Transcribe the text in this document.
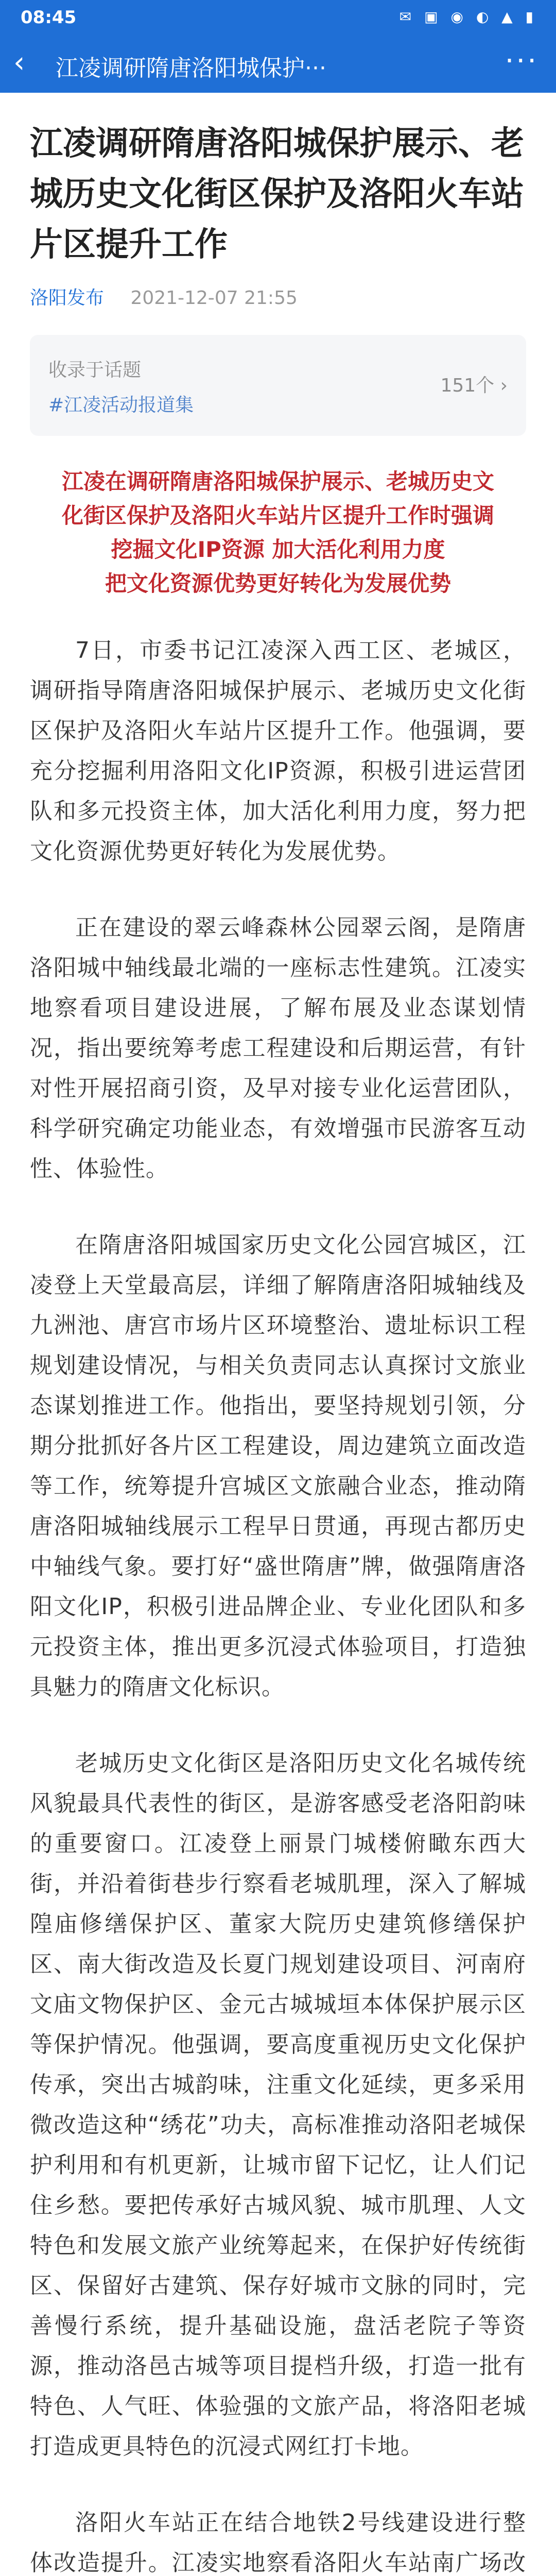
08:45	✉ ▣ ◉ ◐ ▲ ▮
‹ 江凌调研隋唐洛阳城保护···	···
江凌调研隋唐洛阳城保护展示、老城历史文化街区保护及洛阳火车站片区提升工作
洛阳发布 2021-12-07 21:55
收录于话题
#江凌活动报道集
151个 ›
江凌在调研隋唐洛阳城保护展示、老城历史文
化街区保护及洛阳火车站片区提升工作时强调
挖掘文化IP资源 加大活化利用力度
把文化资源优势更好转化为发展优势

7日，市委书记江凌深入西工区、老城区，调研指导隋唐洛阳城保护展示、老城历史文化街区保护及洛阳火车站片区提升工作。他强调，要充分挖掘利用洛阳文化IP资源，积极引进运营团队和多元投资主体，加大活化利用力度，努力把文化资源优势更好转化为发展优势。

正在建设的翠云峰森林公园翠云阁，是隋唐洛阳城中轴线最北端的一座标志性建筑。江凌实地察看项目建设进展，了解布展及业态谋划情况，指出要统筹考虑工程建设和后期运营，有针对性开展招商引资，及早对接专业化运营团队，科学研究确定功能业态，有效增强市民游客互动性、体验性。

在隋唐洛阳城国家历史文化公园宫城区，江凌登上天堂最高层，详细了解隋唐洛阳城轴线及九洲池、唐宫市场片区环境整治、遗址标识工程规划建设情况，与相关负责同志认真探讨文旅业态谋划推进工作。他指出，要坚持规划引领，分期分批抓好各片区工程建设，周边建筑立面改造等工作，统筹提升宫城区文旅融合业态，推动隋唐洛阳城轴线展示工程早日贯通，再现古都历史中轴线气象。要打好“盛世隋唐”牌，做强隋唐洛阳文化IP，积极引进品牌企业、专业化团队和多元投资主体，推出更多沉浸式体验项目，打造独具魅力的隋唐文化标识。

老城历史文化街区是洛阳历史文化名城传统风貌最具代表性的街区，是游客感受老洛阳韵味的重要窗口。江凌登上丽景门城楼俯瞰东西大街，并沿着街巷步行察看老城肌理，深入了解城隍庙修缮保护区、董家大院历史建筑修缮保护区、南大街改造及长夏门规划建设项目、河南府文庙文物保护区、金元古城城垣本体保护展示区等保护情况。他强调，要高度重视历史文化保护传承，突出古城韵味，注重文化延续，更多采用微改造这种“绣花”功夫，高标准推动洛阳老城保护利用和有机更新，让城市留下记忆，让人们记住乡愁。要把传承好古城风貌、城市肌理、人文特色和发展文旅产业统筹起来，在保护好传统街区、保留好古建筑、保存好城市文脉的同时，完善慢行系统，提升基础设施，盘活老院子等资源，推动洛邑古城等项目提档升级，打造一批有特色、人气旺、体验强的文旅产品，将洛阳老城打造成更具特色的沉浸式网红打卡地。

洛阳火车站正在结合地铁2号线建设进行整体改造提升。江凌实地察看洛阳火车站南广场改
